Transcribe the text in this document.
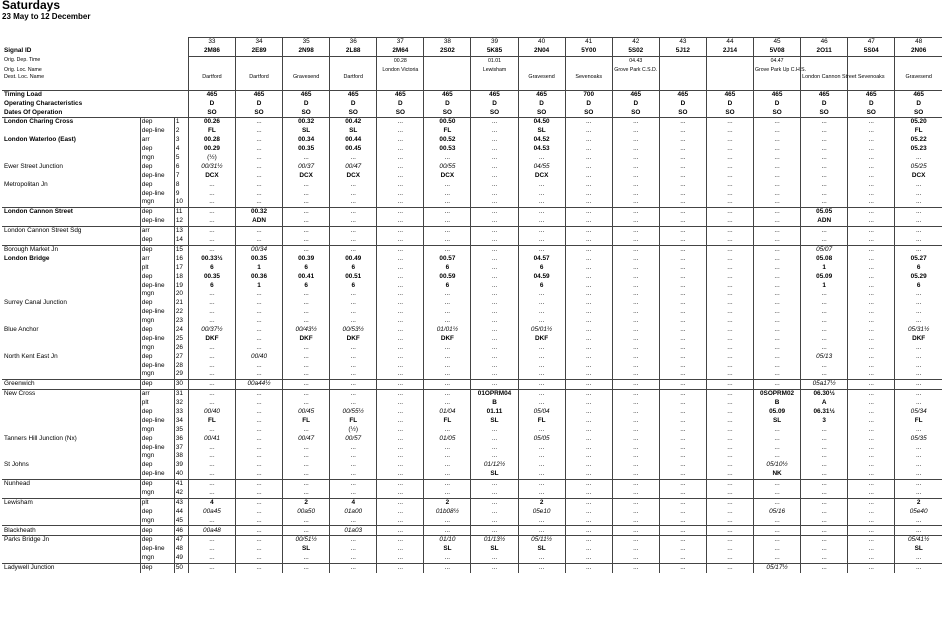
Saturdays
23 May to 12 December
			33	34	35	36	37	38	39	40	41	42	43	44	45	46	47	48
Signal ID			2M86	2E89	2N98	2L88	2M64	2S02	5K85	2N04	5Y00	5S02	5J12	2J14	5V08	2O11	5S04	2N06
Orig. Dep. Time							00.28		01.01			04.43			04.47			
Orig. Loc. Name							London Victoria		Lewisham			Grove Park C.S.D.			Grove Park Up C.H.S.			
Dest. Loc. Name			Dartford	Dartford	Gravesend	Dartford				Gravesend	Sevenoaks					London Cannon Street	Sevenoaks	Gravesend
Timing Load			465	465	465	465	465	465	465	465	700	465	465	465	465	465	465	465
Operating Characteristics			D	D	D	D	D	D	D	D	D	D	D	D	D	D	D	D
Dates Of Operation			SO	SO	SO	SO	SO	SO	SO	SO	SO	SO	SO	SO	SO	SO	SO	SO
London Charing Cross	dep	1	00.26	...	00.32	00.42	...	00.50	...	04.50	...	...	...	...	...	...	...	05.20
	dep-line	2	FL	...	SL	SL	...	FL	...	SL	...	...	...	...	...	...	...	FL
London Waterloo (East)	arr	3	00.28	...	00.34	00.44	...	00.52	...	04.52	...	...	...	...	...	...	...	05.22
	dep	4	00.29	...	00.35	00.45	...	00.53	...	04.53	...	...	...	...	...	...	...	05.23
	mgn	5	(½)	...	...	...	...	...	...	...	...	...	...	...	...	...	...	...
Ewer Street Junction	dep	6	00/31½	...	00/37	00/47	...	00/55	...	04/55	...	...	...	...	...	...	...	05/25
	dep-line	7	DCX	...	DCX	DCX	...	DCX	...	DCX	...	...	...	...	...	...	...	DCX
Metropolitan Jn	dep	8	...	...	...	...	...	...	...	...	...	...	...	...	...	...	...	...
	dep-line	9	...	...	...	...	...	...	...	...	...	...	...	...	...	...	...	...
	mgn	10	...	...	...	...	...	...	...	...	...	...	...	...	...	...	...	...
London Cannon Street	dep	11	...	00.32	...	...	...	...	...	...	...	...	...	...	...	05.05	...	...
	dep-line	12	...	ADN	...	...	...	...	...	...	...	...	...	...	...	ADN	...	...
London Cannon Street Sdg	arr	13	...	...	...	...	...	...	...	...	...	...	...	...	...	...	...	...
	dep	14	...	...	...	...	...	...	...	...	...	...	...	...	...	...	...	...
Borough Market Jn	dep	15	...	00/34	...	...	...	...	...	...	...	...	...	...	...	05/07	...	...
London Bridge	arr	16	00.33½	00.35	00.39	00.49	...	00.57	...	04.57	...	...	...	...	...	05.08	...	05.27
	plt	17	6	1	6	6	...	6	...	6	...	...	...	...	...	1	...	6
	dep	18	00.35	00.36	00.41	00.51	...	00.59	...	04.59	...	...	...	...	...	05.09	...	05.29
	dep-line	19	6	1	6	6	...	6	...	6	...	...	...	...	...	1	...	6
	mgn	20	...	...	...	...	...	...	...	...	...	...	...	...	...	...	...	...
Surrey Canal Junction	dep	21	...	...	...	...	...	...	...	...	...	...	...	...	...	...	...	...
	dep-line	22	...	...	...	...	...	...	...	...	...	...	...	...	...	...	...	...
	mgn	23	...	...	...	...	...	...	...	...	...	...	...	...	...	...	...	...
Blue Anchor	dep	24	00/37½	...	00/43½	00/53½	...	01/01½	...	05/01½	...	...	...	...	...	...	...	05/31½
	dep-line	25	DKF	...	DKF	DKF	...	DKF	...	DKF	...	...	...	...	...	...	...	DKF
	mgn	26	...	...	...	...	...	...	...	...	...	...	...	...	...	...	...	...
North Kent East Jn	dep	27	...	00/40	...	...	...	...	...	...	...	...	...	...	...	05/13	...	...
	dep-line	28	...	...	...	...	...	...	...	...	...	...	...	...	...	...	...	...
	mgn	29	...	...	...	...	...	...	...	...	...	...	...	...	...	...	...	...
Greenwich	dep	30	...	00a44½	...	...	...	...	...	...	...	...	...	...	...	05a17½	...	...
New Cross	arr	31	...	...	...	...	...	...	01OPRM04	...	...	...	...	...	0SOPRM02	06.30½	...	...
	plt	32	...	...	...	...	...	...	B	...	...	...	...	...	B	A	...	...
	dep	33	00/40	...	00/45	00/55½	...	01/04	01.11	05/04	...	...	...	...	05.09	06.31½	...	05/34
	dep-line	34	FL	...	FL	FL	...	FL	SL	FL	...	...	...	...	SL	3	...	FL
	mgn	35	...	...	...	(½)	...	...	...	...	...	...	...	...	...	...	...	...
Tanners Hill Junction (Nx)	dep	36	00/41	...	00/47	00/57	...	01/05	...	05/05	...	...	...	...	...	...	...	05/35
	dep-line	37	...	...	...	...	...	...	...	...	...	...	...	...	...	...	...	...
	mgn	38	...	...	...	...	...	...	...	...	...	...	...	...	...	...	...	...
St Johns	dep	39	...	...	...	...	...	...	01/12½	...	...	...	...	...	05/10½	...	...	...
	dep-line	40	...	...	...	...	...	...	SL	...	...	...	...	...	NK	...	...	...
Nunhead	dep	41	...	...	...	...	...	...	...	...	...	...	...	...	...	...	...	...
	mgn	42	...	...	...	...	...	...	...	...	...	...	...	...	...	...	...	...
Lewisham	plt	43	4	...	2	4	...	2	...	2	...	...	...	...	...	...	...	2
	dep	44	00a45	...	00a50	01a00	...	01b08½	...	05e10	...	...	...	...	05/16	...	...	05e40
	mgn	45	...	...	...	...	...	...	...	...	...	...	...	...	...	...	...	...
Blackheath	dep	46	00a48	...	...	01a03	...	...	...	...	...	...	...	...	...	...	...	...
Parks Bridge Jn	dep	47	...	...	00/51½	...	...	01/10	01/13½	05/11½	...	...	...	...	...	...	...	05/41½
	dep-line	48	...	...	SL	...	...	SL	SL	SL	...	...	...	...	...	...	...	SL
	mgn	49	...	...	...	...	...	...	...	...	...	...	...	...	...	...	...	...
Ladywell Junction	dep	50	...	...	...	...	...	...	...	...	...	...	...	...	05/17½	...	...	...
